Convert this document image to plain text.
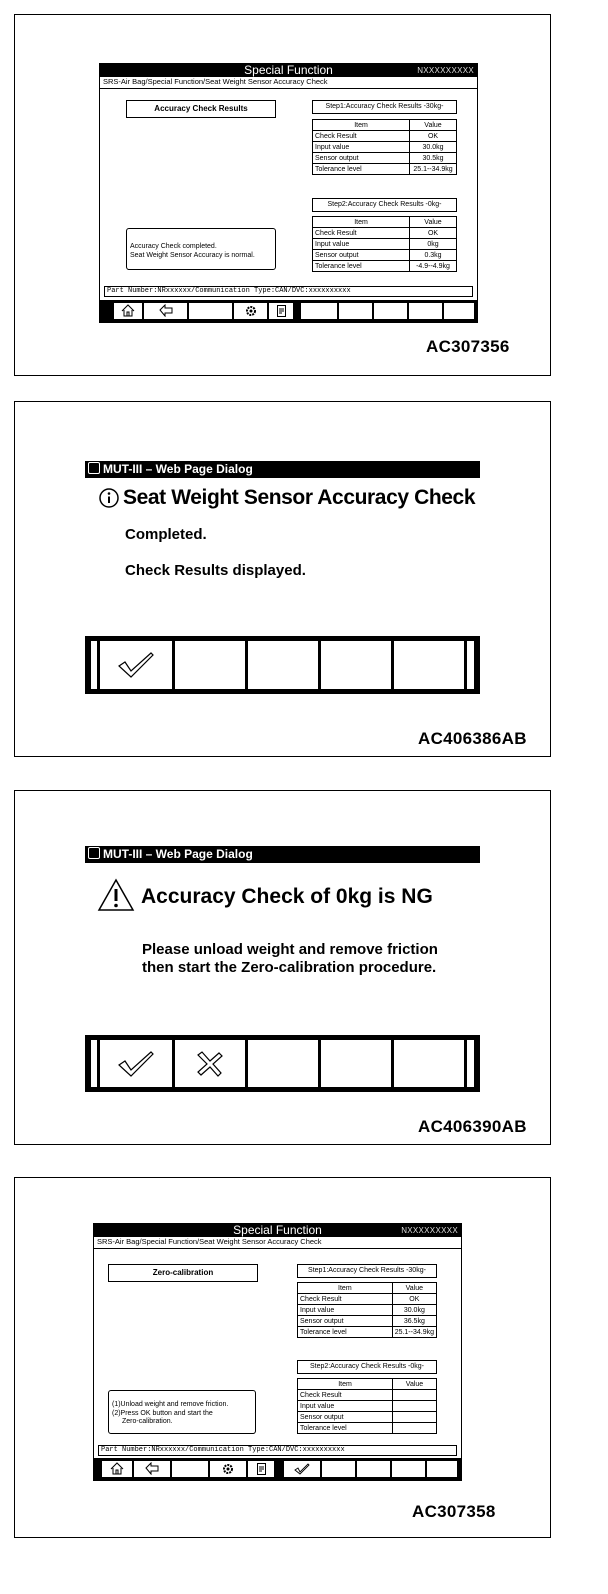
Special Function	NXXXXXXXXX
SRS-Air Bag/Special Function/Seat Weight Sensor Accuracy Check
Accuracy Check Results	Step1:Accuracy Check Results -30kg-
Item	Value
Check Result	OK
Input value	30.0kg
Sensor output	30.5kg
Tolerance level	25.1--34.9kg
Step2:Accuracy Check Results -0kg-
Item	Value
Check Result	OK
Input value	0kg
Sensor output	0.3kg
Tolerance level	-4.9--4.9kg
Accuracy Check completed.
Seat Weight Sensor Accuracy is normal.
Part Number:NRxxxxxx/Communication Type:CAN/DVC:xxxxxxxxxx
AC307356
MUT-III – Web Page Dialog
Seat Weight Sensor Accuracy Check
Completed.
Check Results displayed.
AC406386AB
MUT-III – Web Page Dialog
Accuracy Check of 0kg is NG
Please unload weight and remove friction
then start the Zero-calibration procedure.
AC406390AB
Special Function	NXXXXXXXXX
SRS-Air Bag/Special Function/Seat Weight Sensor Accuracy Check
Zero-calibration	Step1:Accuracy Check Results -30kg-
Item	Value
Check Result	OK
Input value	30.0kg
Sensor output	36.5kg
Tolerance level	25.1--34.9kg
Step2:Accuracy Check Results -0kg-
Item	Value
Check Result	
Input value	
Sensor output	
Tolerance level	
(1)Unload weight and remove friction.
(2)Press OK button and start the
Zero-calibration.
Part Number:NRxxxxxx/Communication Type:CAN/DVC:xxxxxxxxxx
AC307358
